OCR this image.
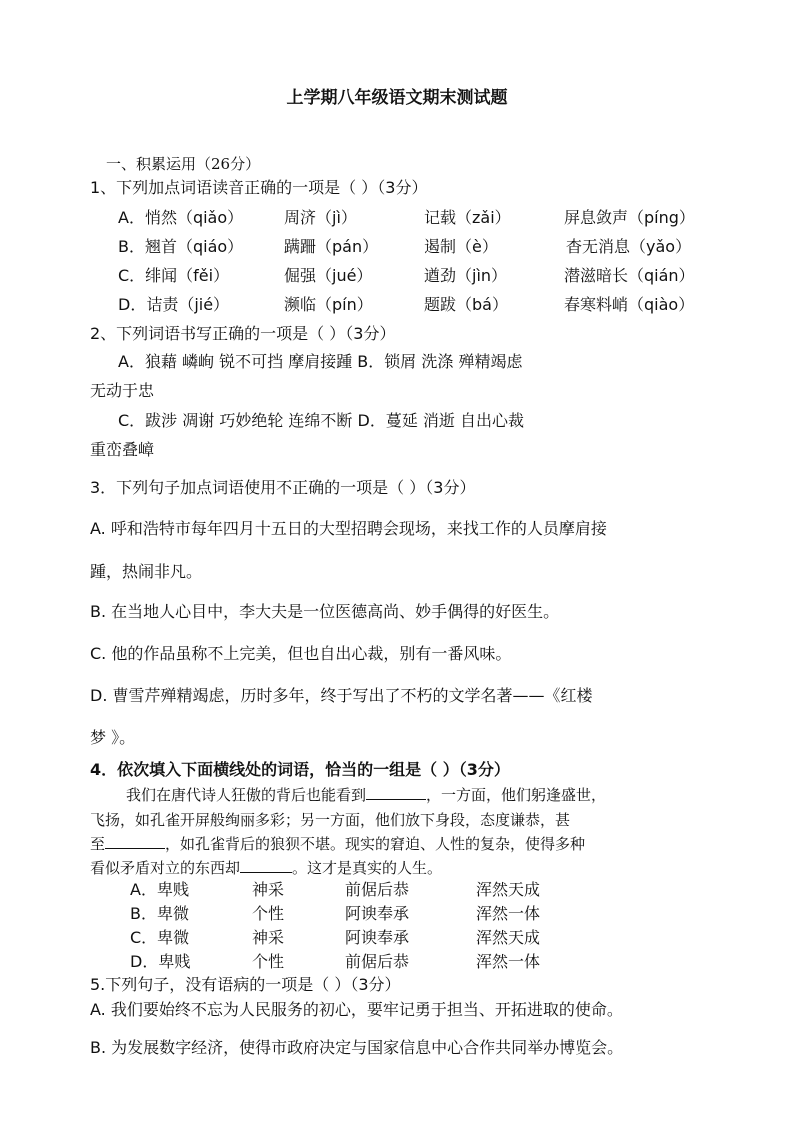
上学期八年级语文期末测试题
一、积累运用（26分）
1、下列加点词语读音正确的一项是（ ）（3分）
A．悄然（qiǎo）	周济（jì）	记载（zǎi）	屏息敛声（píng）
B．翘首（qiáo）	蹒跚（pán）	遏制（è）	杳无消息（yǎo）
C．绯闻（fěi）	倔强（jué）	遒劲（jìn）	潜滋暗长（qián）
D．诘责（jié）	濒临（pín）	题跋（bá）	春寒料峭（qiào）
2、下列词语书写正确的一项是（ ）（3分）
A．狼藉 嶙峋 锐不可挡 摩肩接踵 B．锁屑 洗涤 殚精竭虑
无动于忠
C．跋涉 凋谢 巧妙绝轮 连绵不断 D．蔓延 消逝 自出心裁
重峦叠嶂
3．下列句子加点词语使用不正确的一项是（ ）（3分）
A. 呼和浩特市每年四月十五日的大型招聘会现场，来找工作的人员摩肩接
踵，热闹非凡。
B. 在当地人心目中，李大夫是一位医德高尚、妙手偶得的好医生。
C. 他的作品虽称不上完美，但也自出心裁，别有一番风味。
D. 曹雪芹殚精竭虑，历时多年，终于写出了不朽的文学名著——《红楼
梦 》。
4．依次填入下面横线处的词语，恰当的一组是（ ）（3分）
我们在唐代诗人狂傲的背后也能看到	，一方面，他们躬逢盛世，
飞扬，如孔雀开屏般绚丽多彩；另一方面，他们放下身段，态度谦恭，甚
至	，如孔雀背后的狼狈不堪。现实的窘迫、人性的复杂，使得多种
看似矛盾对立的东西却	。这才是真实的人生。
A．卑贱	神采	前倨后恭	浑然天成
B．卑微	个性	阿谀奉承	浑然一体
C．卑微	神采	阿谀奉承	浑然天成
D．卑贱	个性	前倨后恭	浑然一体
5.下列句子，没有语病的一项是（ ）（3分）
A. 我们要始终不忘为人民服务的初心，要牢记勇于担当、开拓进取的使命。
B. 为发展数字经济，使得市政府决定与国家信息中心合作共同举办博览会。
